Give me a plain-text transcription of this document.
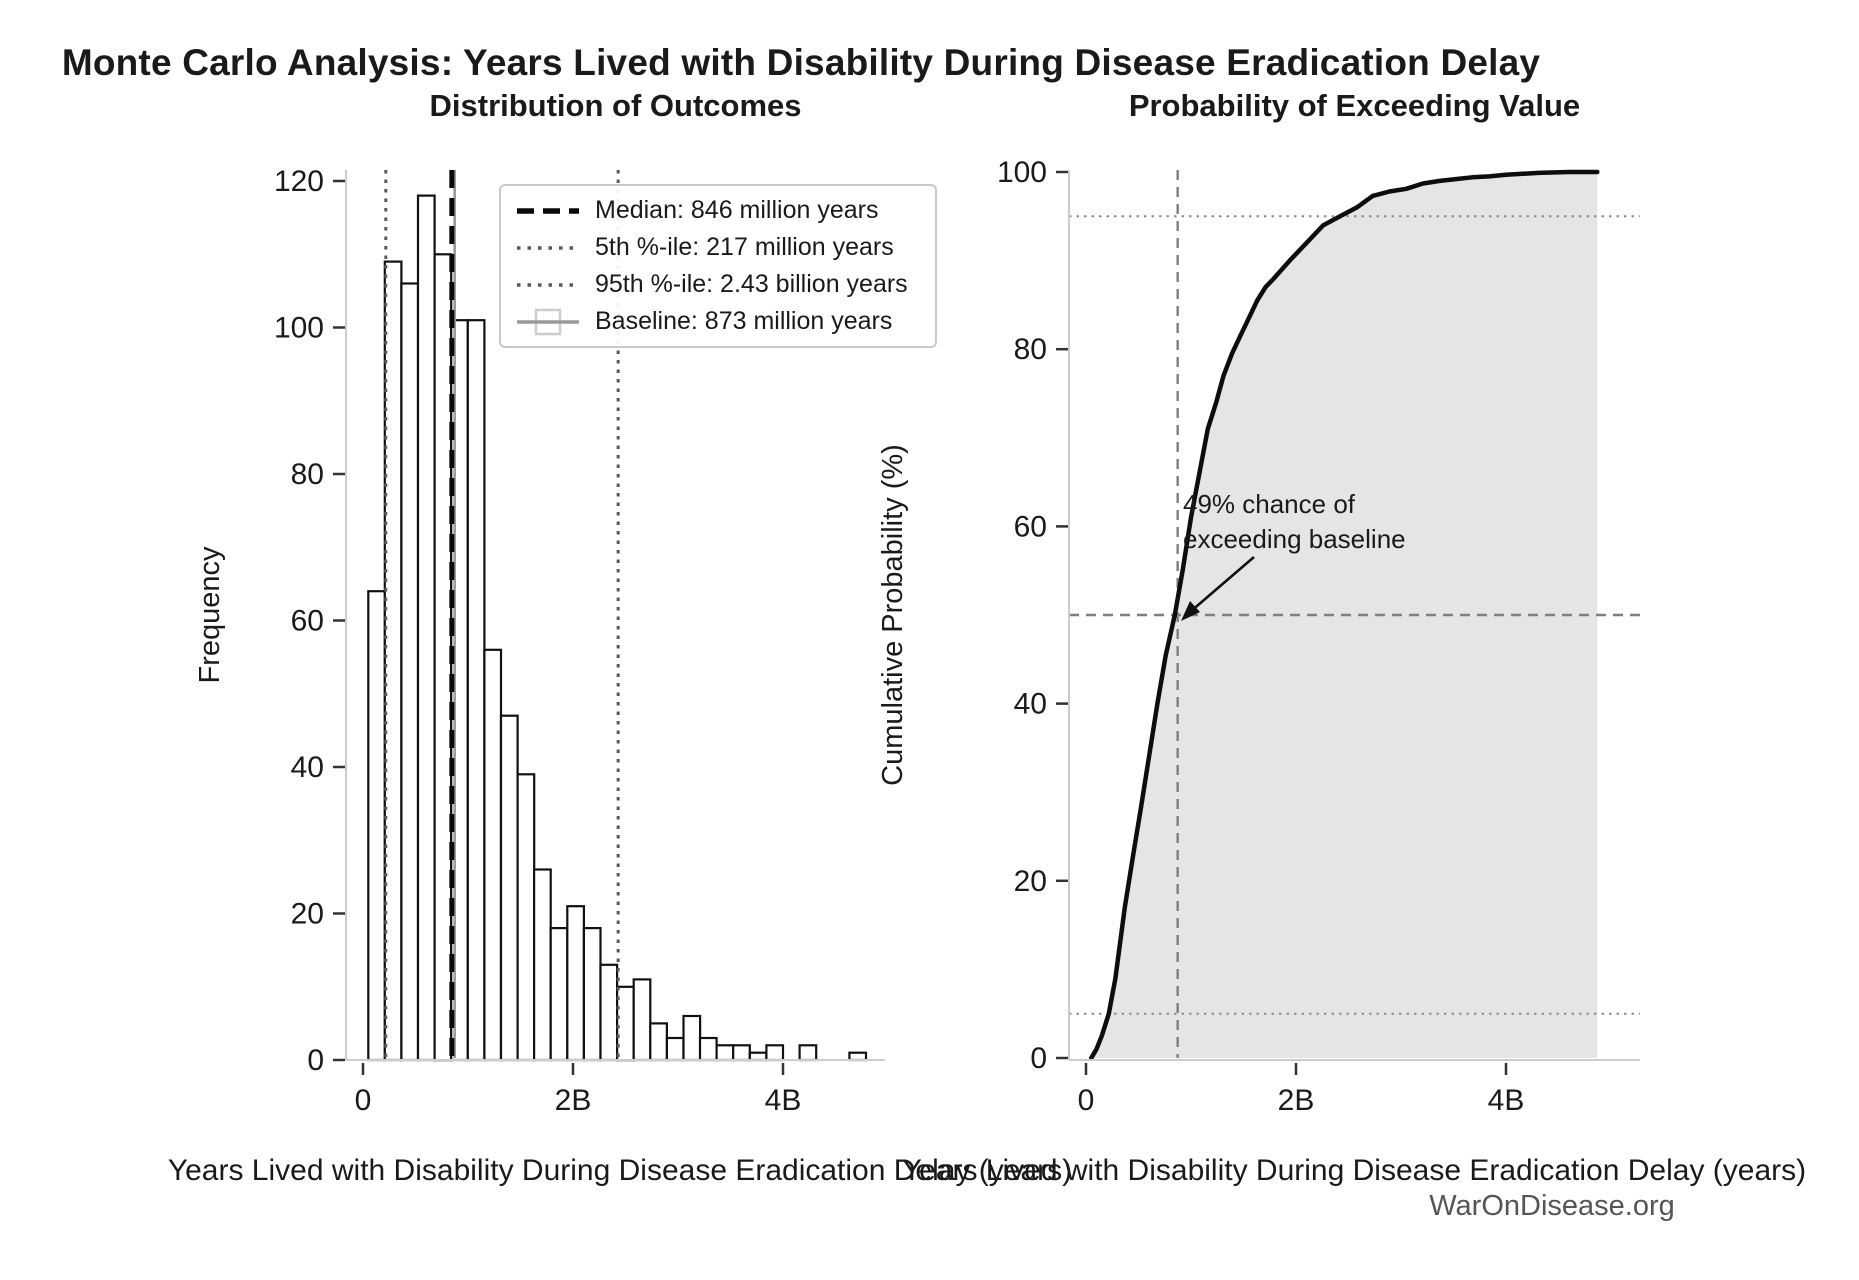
0
20
40
60
80
100
120
0	2B	4B
0
20
40
60
80
100
0	2B	4B
Monte Carlo Analysis: Years Lived with Disability During Disease Eradication Delay
Distribution of Outcomes	Probability of Exceeding Value
Frequency	Cumulative Probability (%)
Years Lived with Disability During Disease Eradication Delay (years)
Years Lived with Disability During Disease Eradication Delay (years)
Median: 846 million years
5th %-ile: 217 million years
95th %-ile: 2.43 billion years
Baseline: 873 million years
49% chance of
exceeding baseline
WarOnDisease.org
